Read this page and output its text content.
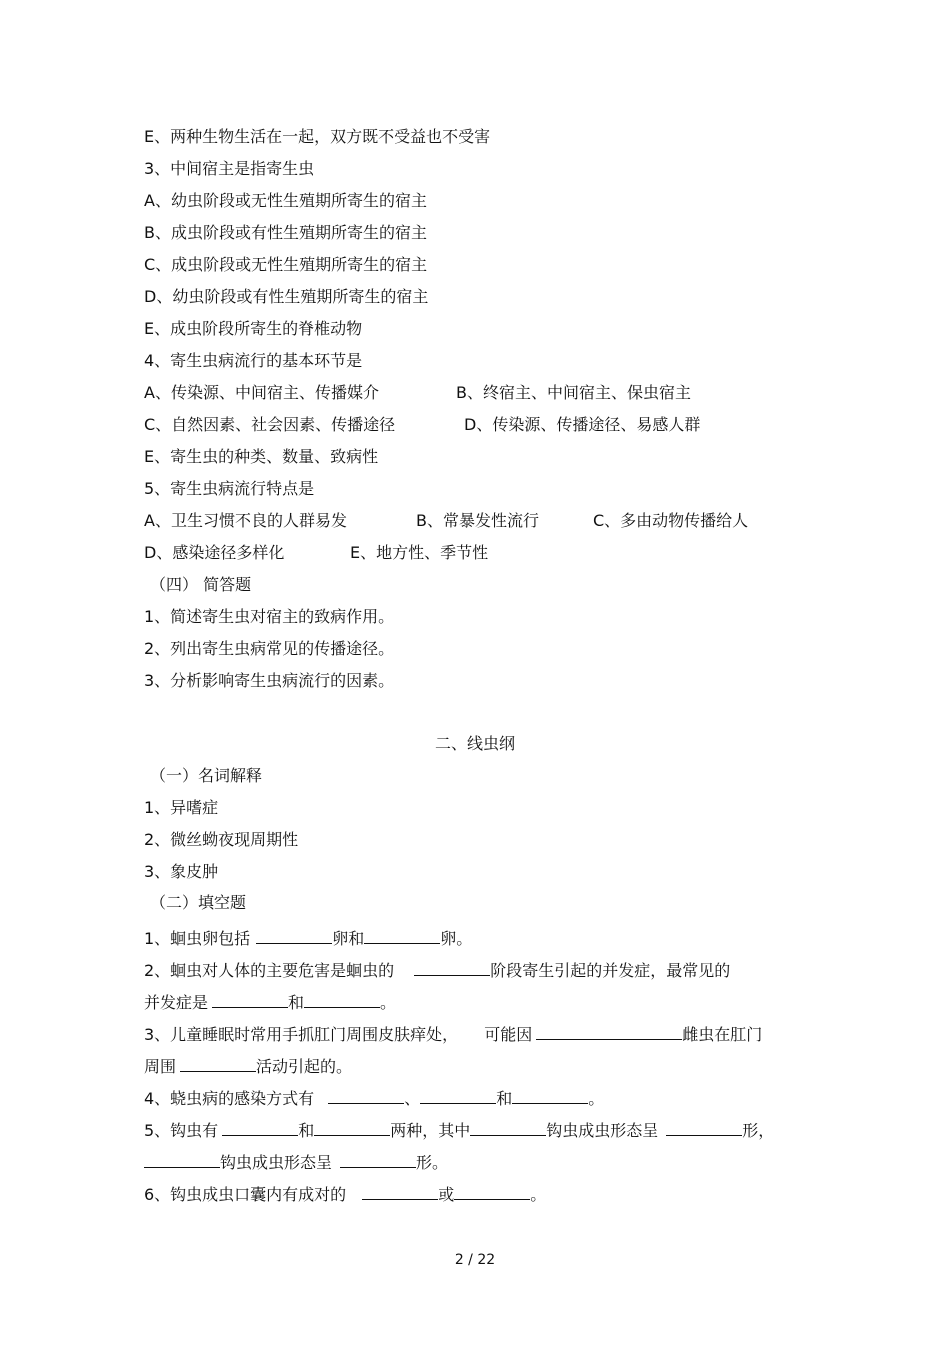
E、两种生物生活在一起，双方既不受益也不受害
3、中间宿主是指寄生虫
A、幼虫阶段或无性生殖期所寄生的宿主
B、成虫阶段或有性生殖期所寄生的宿主
C、成虫阶段或无性生殖期所寄生的宿主
D、幼虫阶段或有性生殖期所寄生的宿主
E、成虫阶段所寄生的脊椎动物
4、寄生虫病流行的基本环节是
A、传染源、中间宿主、传播媒介	B、终宿主、中间宿主、保虫宿主
C、自然因素、社会因素、传播途径	D、传染源、传播途径、易感人群
E、寄生虫的种类、数量、致病性
5、寄生虫病流行特点是
A、卫生习惯不良的人群易发	B、常暴发性流行	C、多由动物传播给人
D、感染途径多样化	E、地方性、季节性
（四） 简答题
1、简述寄生虫对宿主的致病作用。
2、列出寄生虫病常见的传播途径。
3、分析影响寄生虫病流行的因素。
二、线虫纲
（一）名词解释
1、异嗜症
2、微丝蚴夜现周期性
3、象皮肿
（二）填空题
1、蛔虫卵包括	卵和	卵。
2、蛔虫对人体的主要危害是蛔虫的	阶段寄生引起的并发症，最常见的
并发症是	和	。
3、儿童睡眠时常用手抓肛门周围皮肤痒处， 可能因	雌虫在肛门
周围	活动引起的。
4、蛲虫病的感染方式有	、	和	。
5、钩虫有	和	两种，其中	钩虫成虫形态呈	形，
钩虫成虫形态呈	形。
6、钩虫成虫口囊内有成对的	或	。
2 / 22
